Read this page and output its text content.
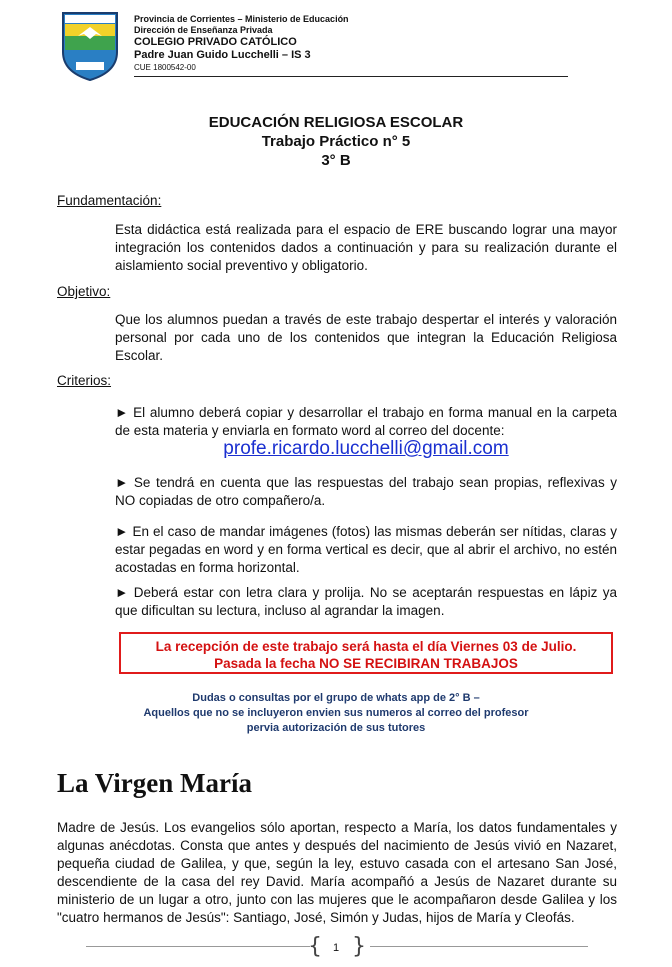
Provincia de Corrientes – Ministerio de Educación
Dirección de Enseñanza Privada
COLEGIO PRIVADO CATÓLICO
Padre Juan Guido Lucchelli – IS 3
CUE 1800542-00
EDUCACIÓN RELIGIOSA ESCOLAR
Trabajo Práctico n° 5
3° B
Fundamentación:
Esta didáctica está realizada para el espacio de ERE buscando lograr una mayor integración los contenidos dados a continuación y para su realización durante el aislamiento social preventivo y obligatorio.
Objetivo:
Que los alumnos puedan a través de este trabajo despertar el interés y valoración personal por cada uno de los contenidos que integran la Educación Religiosa Escolar.
Criterios:
► El alumno deberá copiar y desarrollar el trabajo en forma manual en la carpeta de esta materia y enviarla en formato word al correo del docente:
profe.ricardo.lucchelli@gmail.com
► Se tendrá en cuenta que las respuestas del trabajo sean propias, reflexivas y NO copiadas de otro compañero/a.
► En el caso de mandar imágenes (fotos) las mismas deberán ser nítidas, claras y estar pegadas en word y en forma vertical es decir, que al abrir el archivo, no estén acostadas en forma horizontal.
► Deberá estar con letra clara y prolija. No se aceptarán respuestas en lápiz ya que dificultan su lectura, incluso al agrandar la imagen.
La recepción de este trabajo será hasta el día Viernes 03 de Julio.
Pasada la fecha NO SE RECIBIRAN TRABAJOS
Dudas o consultas por el grupo de whats app de 2° B –
Aquellos que no se incluyeron envien sus numeros al correo del profesor
pervia autorización de sus tutores
La Virgen María
Madre de Jesús. Los evangelios sólo aportan, respecto a María, los datos fundamentales y algunas anécdotas. Consta que antes y después del nacimiento de Jesús vivió en Nazaret, pequeña ciudad de Galilea, y que, según la ley, estuvo casada con el artesano San José, descendiente de la casa del rey David. María acompañó a Jesús de Nazaret durante su ministerio de un lugar a otro, junto con las mujeres que le acompañaron desde Galilea y los "cuatro hermanos de Jesús": Santiago, José, Simón y Judas, hijos de María y Cleofás.
{ 1 }
